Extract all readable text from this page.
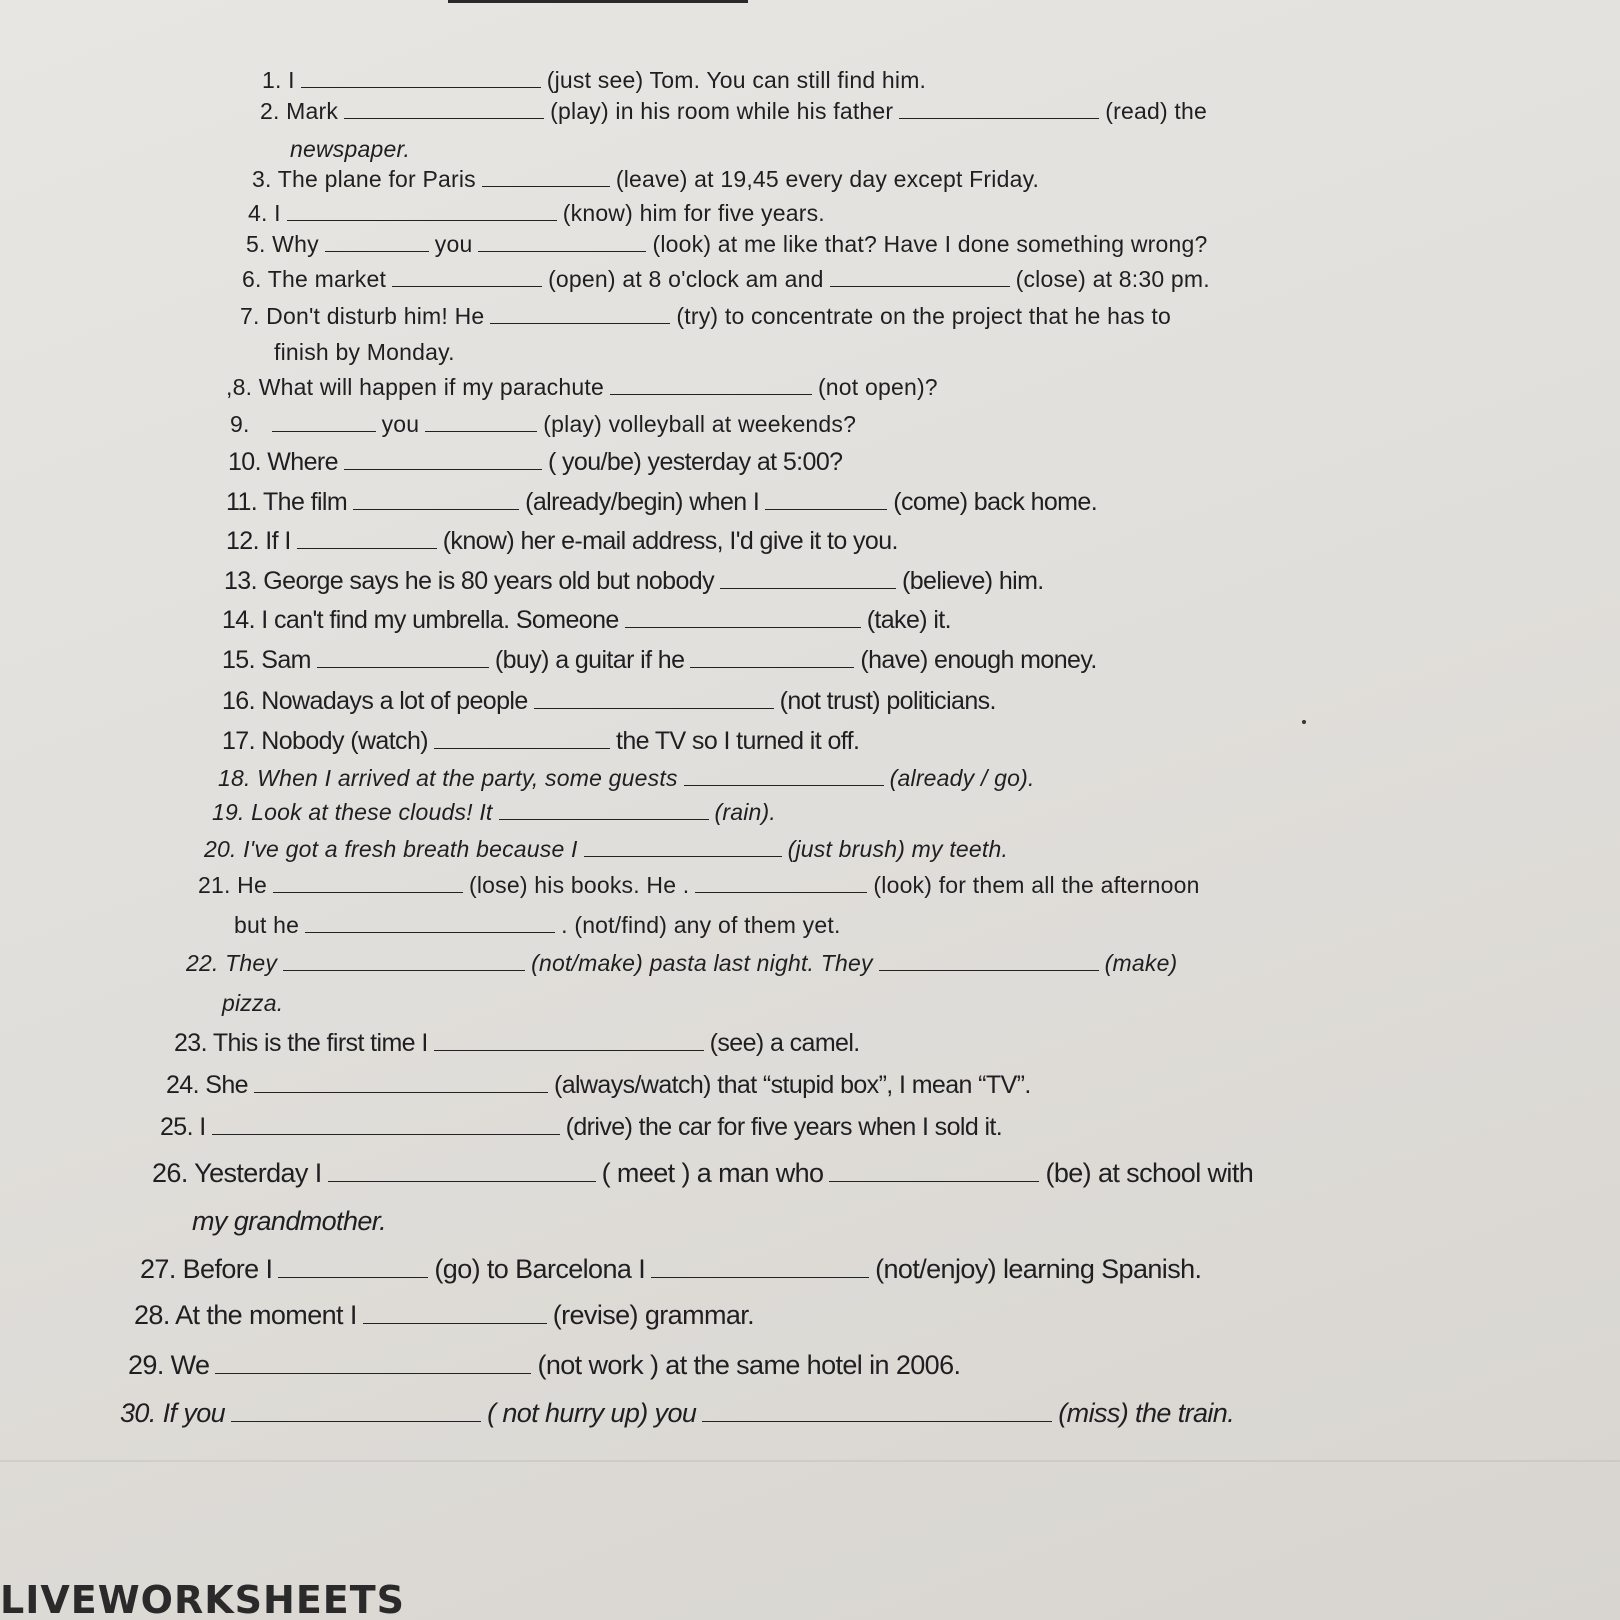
1. I	(just see) Tom. You can still find him.
2. Mark	(play) in his room while his father	(read) the
newspaper.
3. The plane for Paris	(leave) at 19,45 every day except Friday.
4. I	(know) him for five years.
5. Why	you	(look) at me like that? Have I done something wrong?
6. The market	(open) at 8 o'clock am and	(close) at 8:30 pm.
7. Don't disturb him! He	(try) to concentrate on the project that he has to
finish by Monday.
,8. What will happen if my parachute	(not open)?
9.	you	(play) volleyball at weekends?
10. Where	( you/be) yesterday at 5:00?
11. The film	(already/begin) when I	(come) back home.
12. If I	(know) her e-mail address, I'd give it to you.
13. George says he is 80 years old but nobody	(believe) him.
14. I can't find my umbrella. Someone	(take) it.
15. Sam	(buy) a guitar if he	(have) enough money.
16. Nowadays a lot of people	(not trust) politicians.
17. Nobody (watch)	the TV so I turned it off.
18. When I arrived at the party, some guests	(already / go).
19. Look at these clouds! It	(rain).
20. I've got a fresh breath because I	(just brush) my teeth.
21. He	(lose) his books. He .	(look) for them all the afternoon
but he	. (not/find) any of them yet.
22. They	(not/make) pasta last night. They	(make)
pizza.
23. This is the first time I	(see) a camel.
24. She	(always/watch) that “stupid box”, I mean “TV”.
25. I	(drive) the car for five years when I sold it.
26. Yesterday I	( meet ) a man who	(be) at school with
my grandmother.
27. Before I	(go) to Barcelona I	(not/enjoy) learning Spanish.
28. At the moment I	(revise) grammar.
29. We	(not work ) at the same hotel in 2006.
30. If you	( not hurry up) you	(miss) the train.
LIVEWORKSHEETS
